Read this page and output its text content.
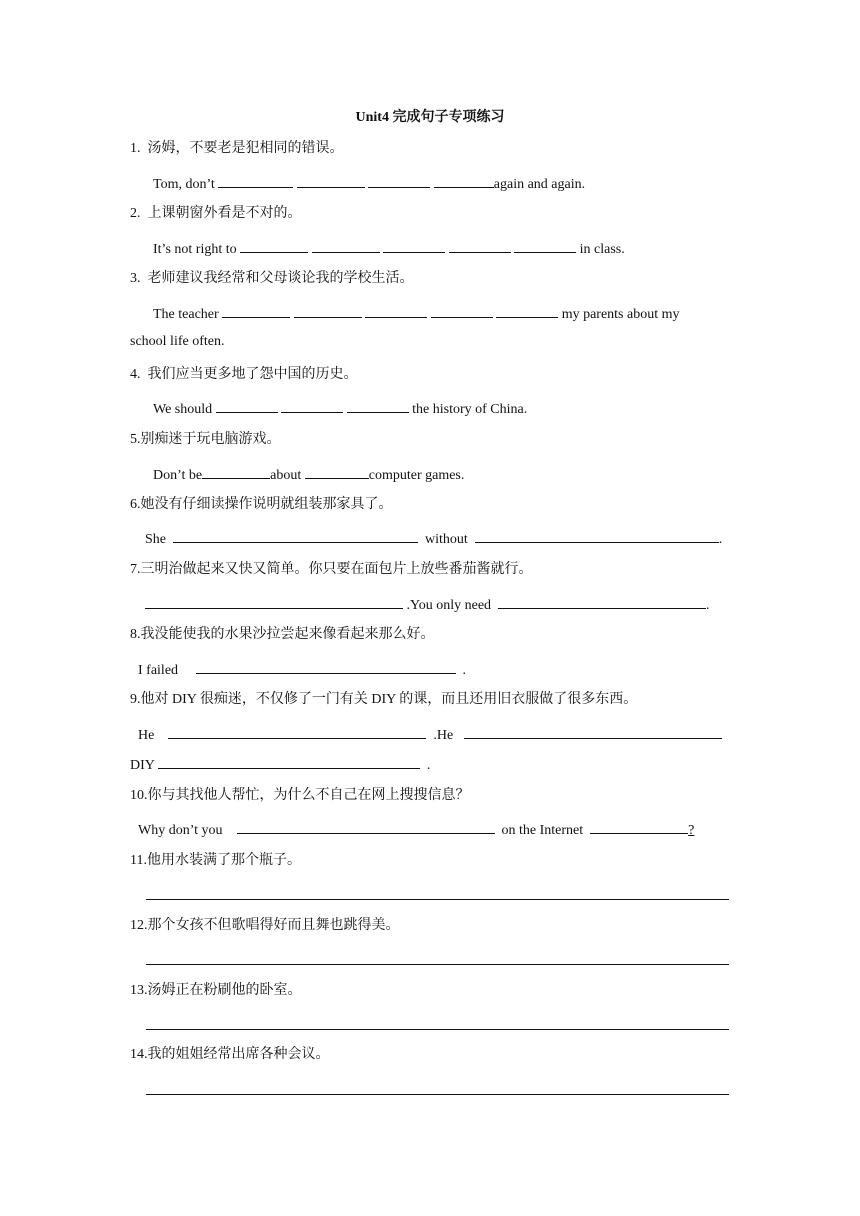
Unit4 完成句子专项练习
1.  汤姆，不要老是犯相同的错误。
Tom, don’t	again and again.
2.  上课朝窗外看是不对的。
It’s not right to	in class.
3.  老师建议我经常和父母谈论我的学校生活。
The teacher	my parents about my
school life often.
4.  我们应当更多地了怨中国的历史。
We should	the history of China.
5.别痴迷于玩电脑游戏。
Don’t be	about	computer games.
6.她没有仔细读操作说明就组装那家具了。
She	without	.
7.三明治做起来又快又简单。你只要在面包片上放些番茄酱就行。
.You only need	.
8.我没能使我的水果沙拉尝起来像看起来那么好。
I failed	.
9.他对 DIY 很痴迷，不仅修了一门有关 DIY 的课，而且还用旧衣服做了很多东西。
He	.He
DIY	.
10.你与其找他人帮忙，为什么不自己在网上搜搜信息？
Why don’t you	on the Internet	?
11.他用水装满了那个瓶子。
12.那个女孩不但歌唱得好而且舞也跳得美。
13.汤姆正在粉刷他的卧室。
14.我的姐姐经常出席各种会议。
